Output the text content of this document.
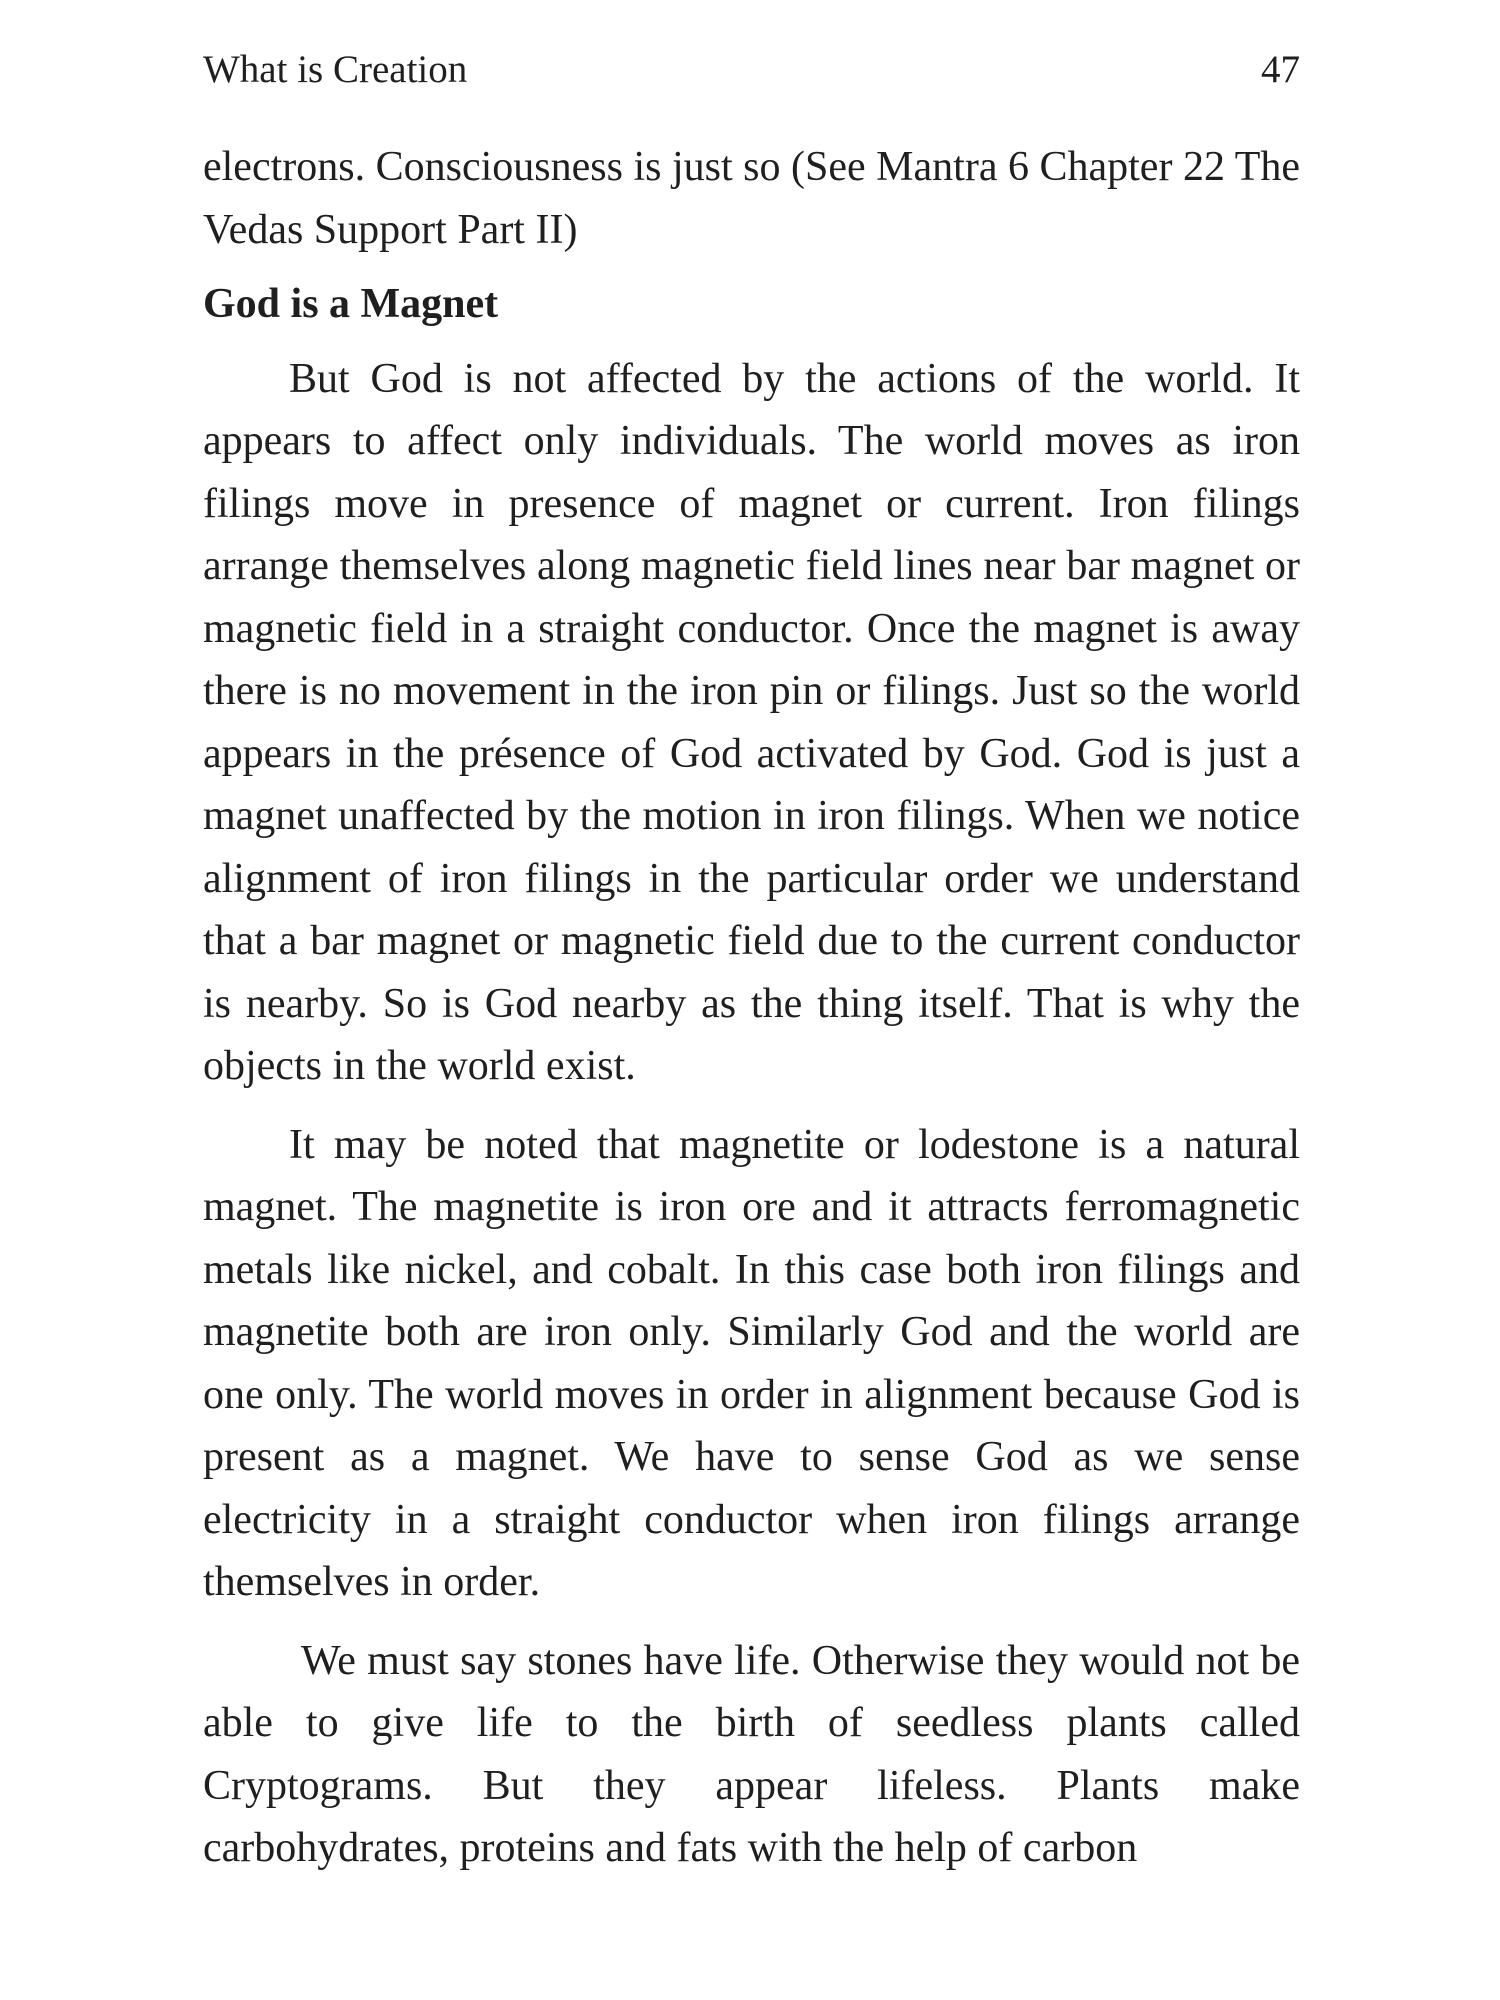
What is Creation	47

electrons. Consciousness is just so (See Mantra 6 Chapter 22 The Vedas Support Part II)

God is a Magnet

But God is not affected by the actions of the world. It appears to affect only individuals. The world moves as iron filings move in presence of magnet or current. Iron filings arrange themselves along magnetic field lines near bar magnet or magnetic field in a straight conductor. Once the magnet is away there is no movement in the iron pin or filings. Just so the world appears in the présence of God activated by God. God is just a magnet unaffected by the motion in iron filings. When we notice alignment of iron filings in the particular order we understand that a bar magnet or magnetic field due to the current conductor is nearby. So is God nearby as the thing itself. That is why the objects in the world exist.

It may be noted that magnetite or lodestone is a natural magnet. The magnetite is iron ore and it attracts ferromagnetic metals like nickel, and cobalt. In this case both iron filings and magnetite both are iron only. Similarly God and the world are one only. The world moves in order in alignment because God is present as a magnet. We have to sense God as we sense electricity in a straight conductor when iron filings arrange themselves in order.

We must say stones have life. Otherwise they would not be able to give life to the birth of seedless plants called Cryptograms. But they appear lifeless. Plants make carbohydrates, proteins and fats with the help of carbon
